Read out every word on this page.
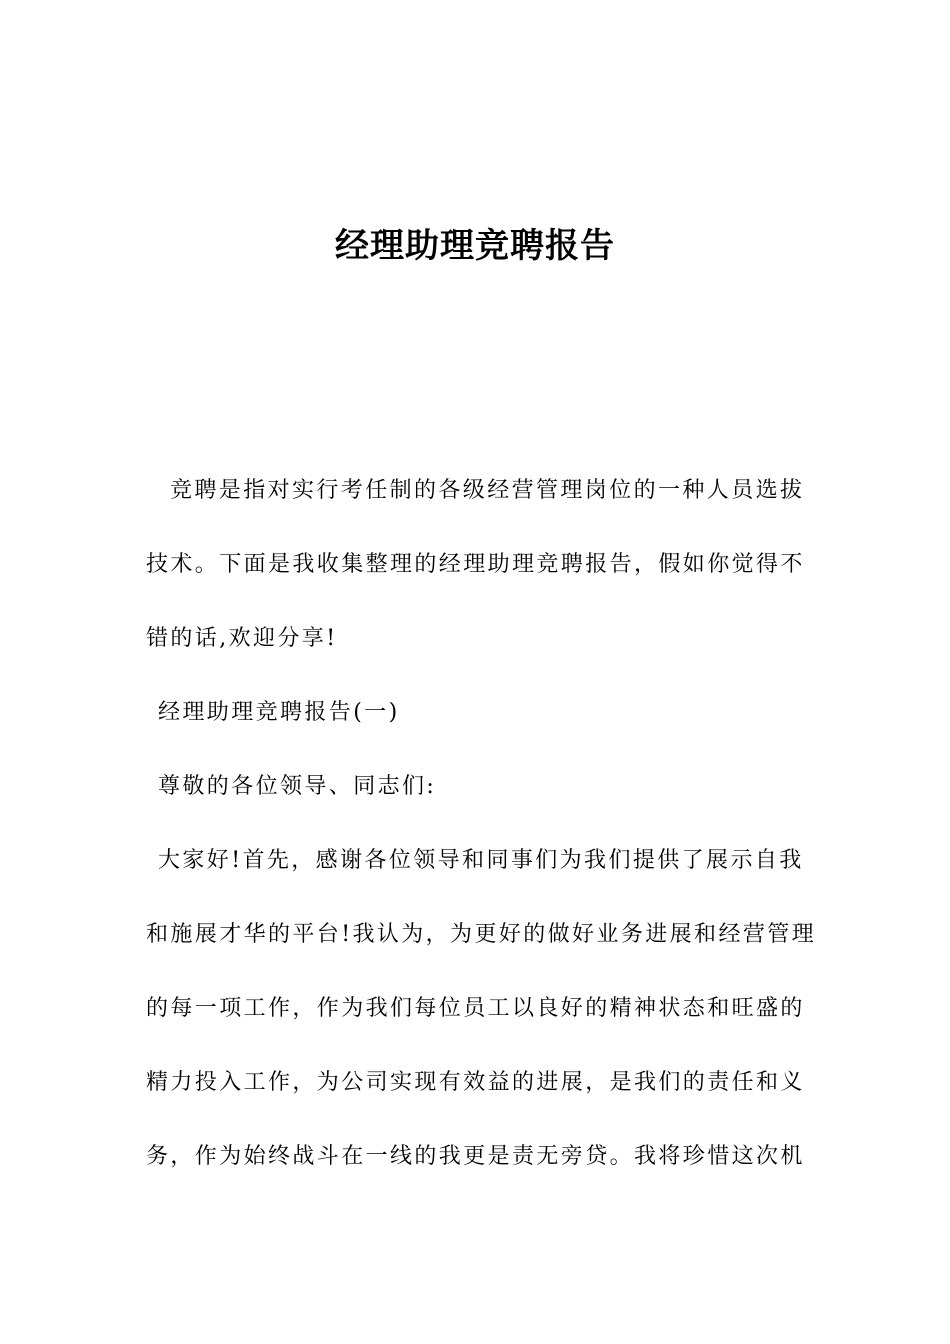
经理助理竞聘报告
竞聘是指对实行考任制的各级经营管理岗位的一种人员选拔
技术。下面是我收集整理的经理助理竞聘报告，假如你觉得不
错的话,欢迎分享!
经理助理竞聘报告(一)
尊敬的各位领导、同志们:
大家好!首先，感谢各位领导和同事们为我们提供了展示自我
和施展才华的平台!我认为，为更好的做好业务进展和经营管理
的每一项工作，作为我们每位员工以良好的精神状态和旺盛的
精力投入工作，为公司实现有效益的进展，是我们的责任和义
务，作为始终战斗在一线的我更是责无旁贷。我将珍惜这次机
